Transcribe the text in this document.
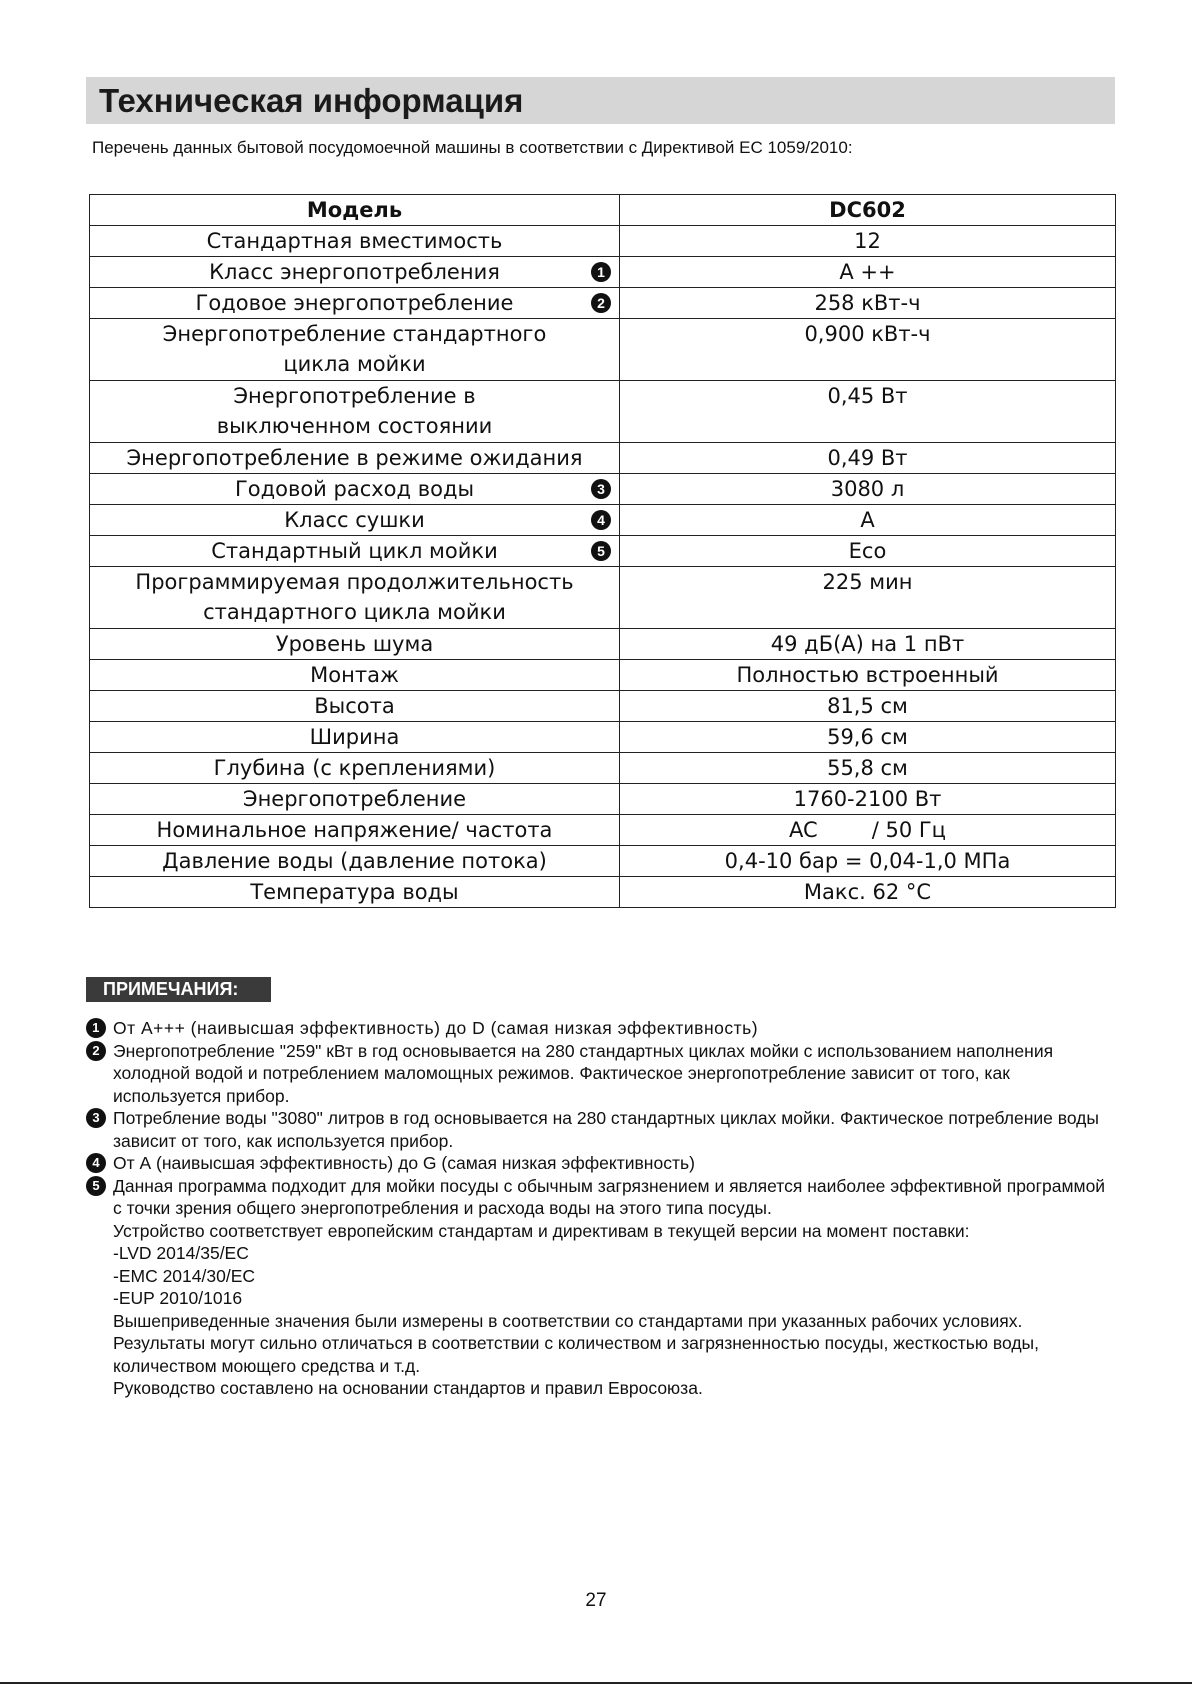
Техническая информация
Перечень данных бытовой посудомоечной машины в соответствии с Директивой ЕС 1059/2010:
Модель	DC602
Стандартная вместимость	12

Класс энергопотребления 1	A ++

Годовое энергопотребление 2	258 кВт-ч
Энергопотребление стандартного цикла мойки	0,900 кВт-ч
Энергопотребление в выключенном состоянии	0,45 Вт
Энергопотребление в режиме ожидания	0,49 Вт

Годовой расход воды 3	3080 л

Класс сушки 4	A

Стандартный цикл мойки 5	Eco
Программируемая продолжительность стандартного цикла мойки	225 мин
Уровень шума	49 дБ(A) на 1 пВт
Монтаж	Полностью встроенный
Высота	81,5 см
Ширина	59,6 см
Глубина (с креплениями)	55,8 см
Энергопотребление	1760-2100 Вт
Номинальное напряжение/ частота	AC / 50 Гц
Давление воды (давление потока)	0,4-10 бар = 0,04-1,0 МПа
Температура воды	Макс. 62 °C
ПРИМЕЧАНИЯ:
1 От А+++ (наивысшая эффективность) до D (самая низкая эффективность)
2 Энергопотребление "259" кВт в год основывается на 280 стандартных циклах мойки с использованием наполнения холодной водой и потреблением маломощных режимов. Фактическое энергопотребление зависит от того, как используется прибор.
3 Потребление воды "3080" литров в год основывается на 280 стандартных циклах мойки. Фактическое потребление воды зависит от того, как используется прибор.
4 От А (наивысшая эффективность) до G (самая низкая эффективность)
5 Данная программа подходит для мойки посуды с обычным загрязнением и является наиболее эффективной программой с точки зрения общего энергопотребления и расхода воды на этого типа посуды.
Устройство соответствует европейским стандартам и директивам в текущей версии на момент поставки:
-LVD 2014/35/EC
-EMC 2014/30/EC
-EUP 2010/1016
Вышеприведенные значения были измерены в соответствии со стандартами при указанных рабочих условиях. Результаты могут сильно отличаться в соответствии с количеством и загрязненностью посуды, жесткостью воды, количеством моющего средства и т.д.
Руководство составлено на основании стандартов и правил Евросоюза.
27
